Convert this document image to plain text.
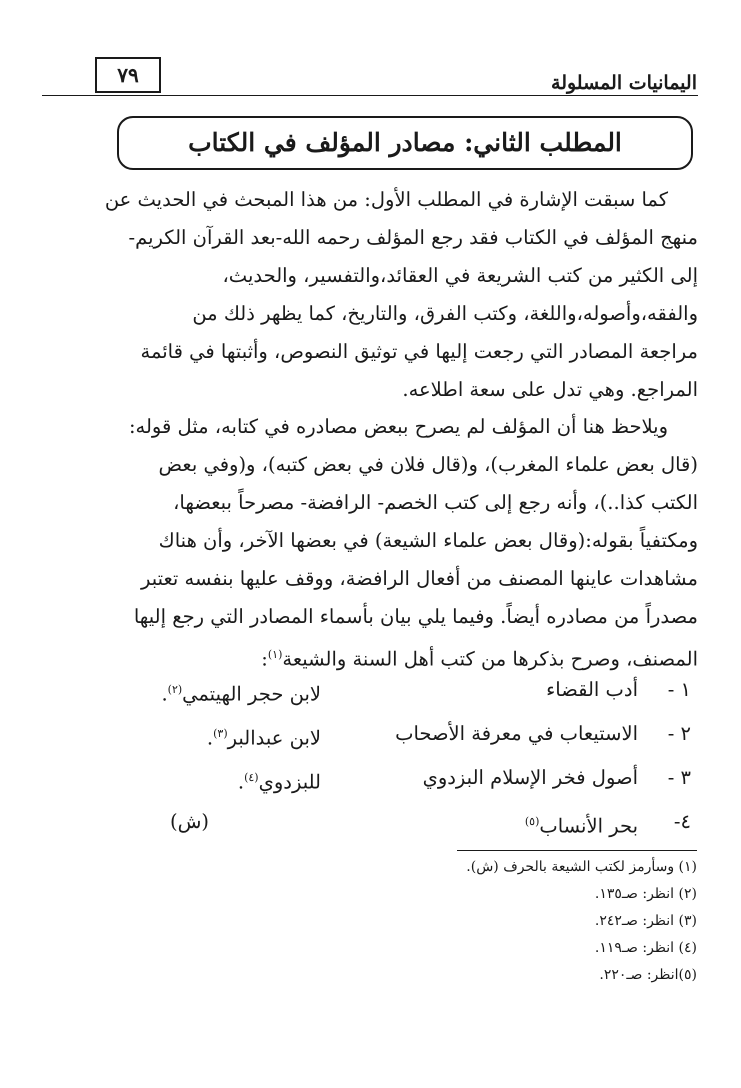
اليمانيات المسلولة
٧٩
المطلب الثاني: مصادر المؤلف في الكتاب
كما سبقت الإشارة في المطلب الأول: من هذا المبحث في الحديث عن
منهج المؤلف في الكتاب فقد رجع المؤلف رحمه الله-بعد القرآن الكريم-
إلى الكثير من كتب الشريعة في العقائد،والتفسير، والحديث،
والفقه،وأصوله،واللغة، وكتب الفرق، والتاريخ، كما يظهر ذلك من
مراجعة المصادر التي رجعت إليها في توثيق النصوص، وأثبتها في قائمة
المراجع. وهي تدل على سعة اطلاعه.
ويلاحظ هنا أن المؤلف لم يصرح ببعض مصادره في كتابه، مثل قوله:
(قال بعض علماء المغرب)، و(قال فلان في بعض كتبه)، و(وفي بعض
الكتب كذا..)، وأنه رجع إلى كتب الخصم- الرافضة- مصرحاً ببعضها،
ومكتفياً بقوله:(وقال بعض علماء الشيعة) في بعضها الآخر، وأن هناك
مشاهدات عاينها المصنف من أفعال الرافضة، ووقف عليها بنفسه تعتبر
مصدراً من مصادره أيضاً. وفيما يلي بيان بأسماء المصادر التي رجع إليها
المصنف، وصرح بذكرها من كتب أهل السنة والشيعة$^{(١)}$:
١ -
أدب القضاء
لابن حجر الهيتمي$^{(٢)}$.
٢ -
الاستيعاب في معرفة الأصحاب
لابن عبدالبر$^{(٣)}$.
٣ -
أصول فخر الإسلام البزدوي
للبزدوي$^{(٤)}$.
٤-
بحر الأنساب$^{(٥)}$
(ش)
(١) وسأرمز لكتب الشيعة بالحرف (ش).
(٢) انظر: صـ١٣٥.
(٣) انظر: صـ٢٤٢.
(٤) انظر: صـ١١٩.
(٥)انظر: صـ٢٢٠.
